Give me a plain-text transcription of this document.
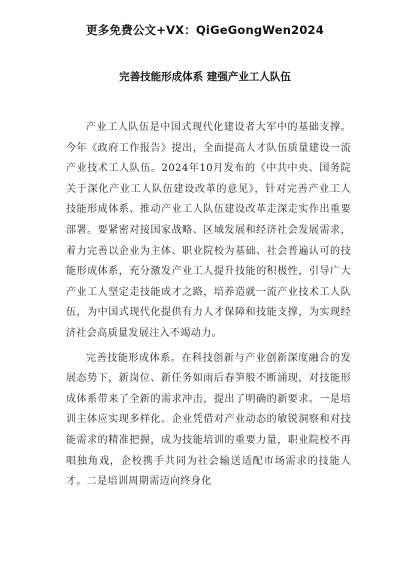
更多免费公文+VX：QiGeGongWen2024
完善技能形成体系 建强产业工人队伍

产业工人队伍是中国式现代化建设者大军中的基础支撑。今年《政府工作报告》提出，全面提高人才队伍质量建设一流产业技术工人队伍。2024年10月发布的《中共中央、国务院关于深化产业工人队伍建设改革的意见》，针对完善产业工人技能形成体系、推动产业工人队伍建设改革走深走实作出重要部署。要紧密对接国家战略、区域发展和经济社会发展需求，着力完善以企业为主体、职业院校为基础、社会普遍认可的技能形成体系，充分激发产业工人提升技能的积极性，引导广大产业工人坚定走技能成才之路，培养造就一流产业技术工人队伍，为中国式现代化提供有力人才保障和技能支撑，为实现经济社会高质量发展注入不竭动力。

完善技能形成体系。在科技创新与产业创新深度融合的发展态势下，新岗位、新任务如雨后春笋般不断涌现，对技能形成体系带来了全新的需求冲击，提出了明确的新要求。一是培训主体应实现多样化。企业凭借对产业动态的敏锐洞察和对技能需求的精准把握，成为技能培训的重要力量，职业院校不再唱独角戏，企校携手共同为社会输送适配市场需求的技能人才。二是培训周期需迈向终身化
